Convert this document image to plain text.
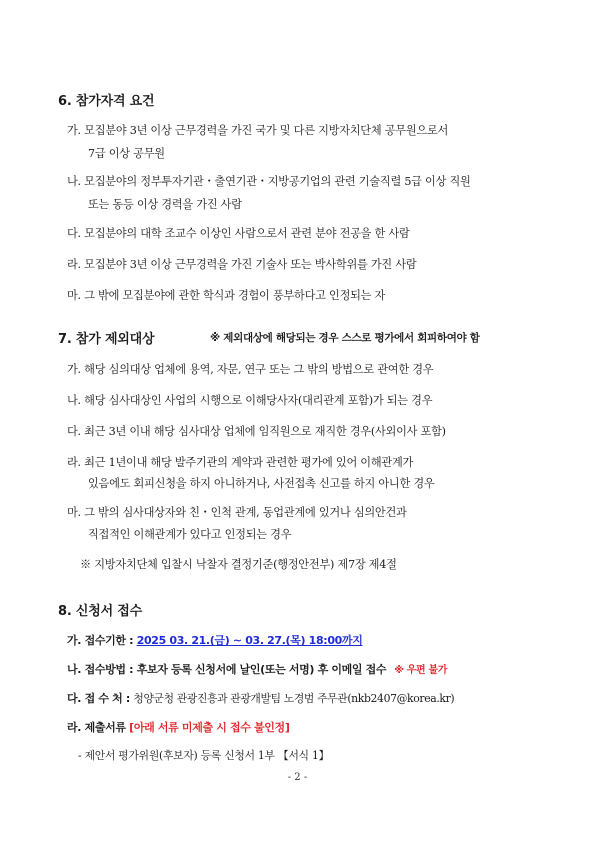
6. 참가자격 요건
가. 모집분야 3년 이상 근무경력을 가진 국가 및 다른 지방자치단체 공무원으로서
7급 이상 공무원
나. 모집분야의 정부투자기관・출연기관・지방공기업의 관련 기술직렬 5급 이상 직원
또는 동등 이상 경력을 가진 사람
다. 모집분야의 대학 조교수 이상인 사람으로서 관련 분야 전공을 한 사람
라. 모집분야 3년 이상 근무경력을 가진 기술사 또는 박사학위를 가진 사람
마. 그 밖에 모집분야에 관한 학식과 경험이 풍부하다고 인정되는 자
7. 참가 제외대상	※ 제외대상에 해당되는 경우 스스로 평가에서 회피하여야 함
가. 해당 심의대상 업체에 용역, 자문, 연구 또는 그 밖의 방법으로 관여한 경우
나. 해당 심사대상인 사업의 시행으로 이해당사자(대리관계 포함)가 되는 경우
다. 최근 3년 이내 해당 심사대상 업체에 임직원으로 재직한 경우(사외이사 포함)
라. 최근 1년이내 해당 발주기관의 계약과 관련한 평가에 있어 이해관계가
있음에도 회피신청을 하지 아니하거나, 사전접촉 신고를 하지 아니한 경우
마. 그 밖의 심사대상자와 친・인척 관계, 동업관계에 있거나 심의안건과
직접적인 이해관계가 있다고 인정되는 경우
※ 지방자치단체 입찰시 낙찰자 결정기준(행정안전부) 제7장 제4절
8. 신청서 접수
가. 접수기한 : 2025 03. 21.(금) ~ 03. 27.(목) 18:00까지
나. 접수방법 : 후보자 등록 신청서에 날인(또는 서명) 후 이메일 접수 ※ 우편 불가
다. 접 수 처 : 청양군청 관광진흥과 관광개발팀 노경범 주무관(nkb2407@korea.kr)
라. 제출서류 [아래 서류 미제출 시 접수 불인정]
- 제안서 평가위원(후보자) 등록 신청서 1부 【서식 1】
- 2 -
